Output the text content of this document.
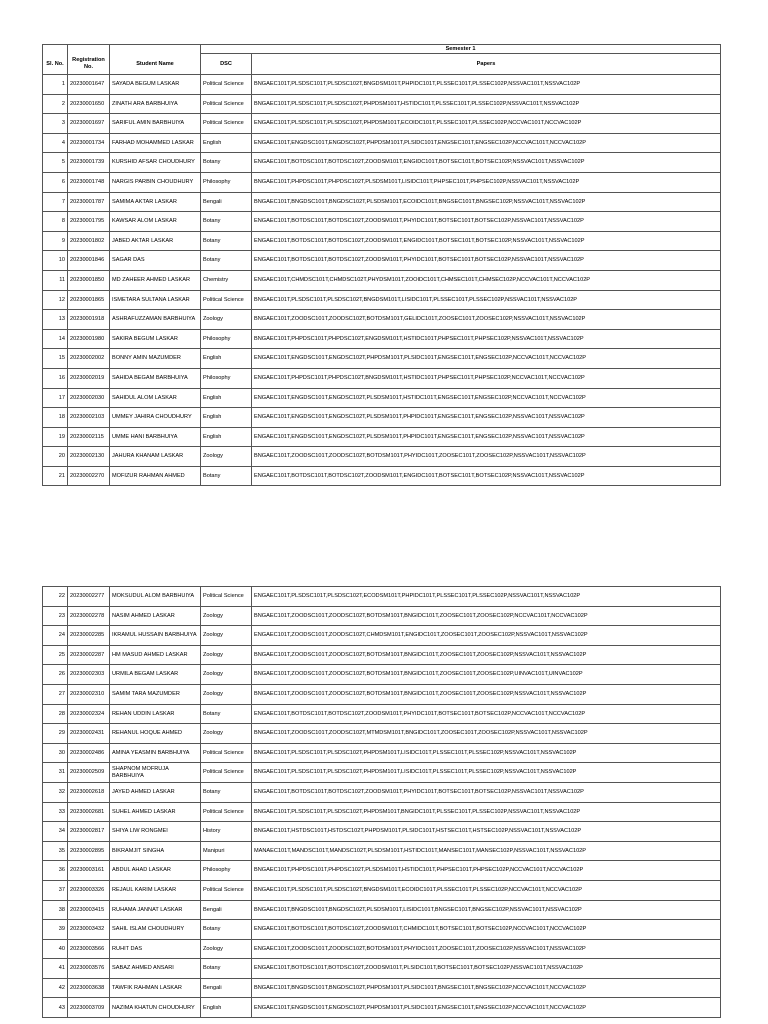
			Semester 1	
Sl. No.	Registration No.	Student Name	DSC	Papers
1	20230001647	SAYADA BEGUM LASKAR	Political Science	BNGAEC101T,PLSDSC101T,PLSDSC102T,BNGDSM101T,PHPIDC101T,PLSSEC101T,PLSSEC102P,NSSVAC101T,NSSVAC102P
2	20230001650	ZINATH ARA BARBHUIYA	Political Science	BNGAEC101T,PLSDSC101T,PLSDSC102T,PHPDSM101T,HSTIDC101T,PLSSEC101T,PLSSEC102P,NSSVAC101T,NSSVAC102P
3	20230001697	SARIFUL AMIN BARBHUIYA	Political Science	ENGAEC101T,PLSDSC101T,PLSDSC102T,PHPDSM101T,ECOIDC101T,PLSSEC101T,PLSSEC102P,NCCVAC101T,NCCVAC102P
4	20230001734	FARHAD MOHAMMED LASKAR	English	ENGAEC101T,ENGDSC101T,ENGDSC102T,PHPDSM101T,PLSIDC101T,ENGSEC101T,ENGSEC102P,NCCVAC101T,NCCVAC102P
5	20230001739	KURSHID AFSAR CHOUDHURY	Botany	ENGAEC101T,BOTDSC101T,BOTDSC102T,ZOODSM101T,ENGIDC101T,BOTSEC101T,BOTSEC102P,NSSVAC101T,NSSVAC102P
6	20230001748	NARGIS PARBIN CHOUDHURY	Philosophy	BNGAEC101T,PHPDSC101T,PHPDSC102T,PLSDSM101T,LISIDC101T,PHPSEC101T,PHPSEC102P,NSSVAC101T,NSSVAC102P
7	20230001787	SAMIMA AKTAR LASKAR	Bengali	BNGAEC101T,BNGDSC101T,BNGDSC102T,PLSDSM101T,ECOIDC101T,BNGSEC101T,BNGSEC102P,NSSVAC101T,NSSVAC102P
8	20230001795	KAWSAR ALOM LASKAR	Botany	ENGAEC101T,BOTDSC101T,BOTDSC102T,ZOODSM101T,PHYIDC101T,BOTSEC101T,BOTSEC102P,NSSVAC101T,NSSVAC102P
9	20230001802	JABED AKTAR LASKAR	Botany	ENGAEC101T,BOTDSC101T,BOTDSC102T,ZOODSM101T,ENGIDC101T,BOTSEC101T,BOTSEC102P,NSSVAC101T,NSSVAC102P
10	20230001846	SAGAR DAS	Botany	ENGAEC101T,BOTDSC101T,BOTDSC102T,ZOODSM101T,PHYIDC101T,BOTSEC101T,BOTSEC102P,NSSVAC101T,NSSVAC102P
11	20230001850	MD ZAHEER AHMED LASKAR	Chemistry	ENGAEC101T,CHMDSC101T,CHMDSC102T,PHYDSM101T,ZOOIDC101T,CHMSEC101T,CHMSEC102P,NCCVAC101T,NCCVAC102P
12	20230001865	ISMETARA SULTANA LASKAR	Political Science	BNGAEC101T,PLSDSC101T,PLSDSC102T,BNGDSM101T,LISIDC101T,PLSSEC101T,PLSSEC102P,NSSVAC101T,NSSVAC102P
13	20230001918	ASHRAFUZZAMAN BARBHUIYA	Zoology	BNGAEC101T,ZOODSC101T,ZOODSC102T,BOTDSM101T,GELIDC101T,ZOOSEC101T,ZOOSEC102P,NSSVAC101T,NSSVAC102P
14	20230001980	SAKIRA BEGUM LASKAR	Philosophy	BNGAEC101T,PHPDSC101T,PHPDSC102T,ENGDSM101T,HSTIDC101T,PHPSEC101T,PHPSEC102P,NSSVAC101T,NSSVAC102P
15	20230002002	BONNY AMIN MAZUMDER	English	ENGAEC101T,ENGDSC101T,ENGDSC102T,PHPDSM101T,PLSIDC101T,ENGSEC101T,ENGSEC102P,NCCVAC101T,NCCVAC102P
16	20230002019	SAHIDA BEGAM BARBHUIYA	Philosophy	ENGAEC101T,PHPDSC101T,PHPDSC102T,BNGDSM101T,HSTIDC101T,PHPSEC101T,PHPSEC102P,NCCVAC101T,NCCVAC102P
17	20230002030	SAHIDUL ALOM LASKAR	English	ENGAEC101T,ENGDSC101T,ENGDSC102T,PLSDSM101T,HSTIDC101T,ENGSEC101T,ENGSEC102P,NCCVAC101T,NCCVAC102P
18	20230002103	UMMEY JAHIRA CHOUDHURY	English	ENGAEC101T,ENGDSC101T,ENGDSC102T,PLSDSM101T,PHPIDC101T,ENGSEC101T,ENGSEC102P,NSSVAC101T,NSSVAC102P
19	20230002115	UMME HANI BARBHUIYA	English	ENGAEC101T,ENGDSC101T,ENGDSC102T,PLSDSM101T,PHPIDC101T,ENGSEC101T,ENGSEC102P,NSSVAC101T,NSSVAC102P
20	20230002130	JAHURA KHANAM LASKAR	Zoology	BNGAEC101T,ZOODSC101T,ZOODSC102T,BOTDSM101T,PHYIDC101T,ZOOSEC101T,ZOOSEC102P,NSSVAC101T,NSSVAC102P
21	20230002270	MOFIZUR RAHMAN AHMED	Botany	ENGAEC101T,BOTDSC101T,BOTDSC102T,ZOODSM101T,ENGIDC101T,BOTSEC101T,BOTSEC102P,NSSVAC101T,NSSVAC102P
22	20230002277	MOKSUDUL ALOM BARBHUIYA	Political Science	ENGAEC101T,PLSDSC101T,PLSDSC102T,ECODSM101T,PHPIDC101T,PLSSEC101T,PLSSEC102P,NSSVAC101T,NSSVAC102P
23	20230002278	NASIM AHMED LASKAR	Zoology	BNGAEC101T,ZOODSC101T,ZOODSC102T,BOTDSM101T,BNGIDC101T,ZOOSEC101T,ZOOSEC102P,NCCVAC101T,NCCVAC102P
24	20230002285	IKRAMUL HUSSAIN BARBHUIYA	Zoology	ENGAEC101T,ZOODSC101T,ZOODSC102T,CHMDSM101T,ENGIDC101T,ZOOSEC101T,ZOOSEC102P,NSSVAC101T,NSSVAC102P
25	20230002287	HM MASUD AHMED LASKAR	Zoology	BNGAEC101T,ZOODSC101T,ZOODSC102T,BOTDSM101T,BNGIDC101T,ZOOSEC101T,ZOOSEC102P,NSSVAC101T,NSSVAC102P
26	20230002303	URMILA BEGAM LASKAR	Zoology	BNGAEC101T,ZOODSC101T,ZOODSC102T,BOTDSM101T,BNGIDC101T,ZOOSEC101T,ZOOSEC102P,UINVAC101T,UINVAC102P
27	20230002310	SAMIM TARA MAZUMDER	Zoology	BNGAEC101T,ZOODSC101T,ZOODSC102T,BOTDSM101T,BNGIDC101T,ZOOSEC101T,ZOOSEC102P,NSSVAC101T,NSSVAC102P
28	20230002324	REHAN UDDIN LASKAR	Botany	ENGAEC101T,BOTDSC101T,BOTDSC102T,ZOODSM101T,PHYIDC101T,BOTSEC101T,BOTSEC102P,NCCVAC101T,NCCVAC102P
29	20230002431	REHANUL HOQUE AHMED	Zoology	BNGAEC101T,ZOODSC101T,ZOODSC102T,MTMDSM101T,BNGIDC101T,ZOOSEC101T,ZOOSEC102P,NSSVAC101T,NSSVAC102P
30	20230002486	AMINA YEASMIN BARBHUIYA	Political Science	BNGAEC101T,PLSDSC101T,PLSDSC102T,PHPDSM101T,LISIDC101T,PLSSEC101T,PLSSEC102P,NSSVAC101T,NSSVAC102P
31	20230002509	SHAPNOM MOFRUJA BARBHUIYA	Political Science	BNGAEC101T,PLSDSC101T,PLSDSC102T,PHPDSM101T,LISIDC101T,PLSSEC101T,PLSSEC102P,NSSVAC101T,NSSVAC102P
32	20230002618	JAYED AHMED LASKAR	Botany	ENGAEC101T,BOTDSC101T,BOTDSC102T,ZOODSM101T,PHYIDC101T,BOTSEC101T,BOTSEC102P,NSSVAC101T,NSSVAC102P
33	20230002681	SUHEL AHMED LASKAR	Political Science	BNGAEC101T,PLSDSC101T,PLSDSC102T,PHPDSM101T,BNGIDC101T,PLSSEC101T,PLSSEC102P,NSSVAC101T,NSSVAC102P
34	20230002817	SHIYA LIW RONGMEI	History	BNGAEC101T,HSTDSC101T,HSTDSC102T,PHPDSM101T,PLSIDC101T,HSTSEC101T,HSTSEC102P,NSSVAC101T,NSSVAC102P
35	20230002895	BIKRAMJIT SINGHA	Manipuri	MANAEC101T,MANDSC101T,MANDSC102T,PLSDSM101T,HSTIDC101T,MANSEC101T,MANSEC102P,NSSVAC101T,NSSVAC102P
36	20230003161	ABDUL AHAD LASKAR	Philosophy	BNGAEC101T,PHPDSC101T,PHPDSC102T,PLSDSM101T,HSTIDC101T,PHPSEC101T,PHPSEC102P,NCCVAC101T,NCCVAC102P
37	20230003326	REJAUL KARIM LASKAR	Political Science	BNGAEC101T,PLSDSC101T,PLSDSC102T,BNGDSM101T,ECOIDC101T,PLSSEC101T,PLSSEC102P,NCCVAC101T,NCCVAC102P
38	20230003415	RUHAMA JANNAT LASKAR	Bengali	BNGAEC101T,BNGDSC101T,BNGDSC102T,PLSDSM101T,LISIDC101T,BNGSEC101T,BNGSEC102P,NSSVAC101T,NSSVAC102P
39	20230003432	SAHIL ISLAM CHOUDHURY	Botany	ENGAEC101T,BOTDSC101T,BOTDSC102T,ZOODSM101T,CHMIDC101T,BOTSEC101T,BOTSEC102P,NCCVAC101T,NCCVAC102P
40	20230003566	RUHIT DAS	Zoology	ENGAEC101T,ZOODSC101T,ZOODSC102T,BOTDSM101T,PHYIDC101T,ZOOSEC101T,ZOOSEC102P,NSSVAC101T,NSSVAC102P
41	20230003576	SABAZ AHMED ANSARI	Botany	ENGAEC101T,BOTDSC101T,BOTDSC102T,ZOODSM101T,PLSIDC101T,BOTSEC101T,BOTSEC102P,NSSVAC101T,NSSVAC102P
42	20230003638	TAWFIK RAHMAN LASKAR	Bengali	BNGAEC101T,BNGDSC101T,BNGDSC102T,PHPDSM101T,PLSIDC101T,BNGSEC101T,BNGSEC102P,NCCVAC101T,NCCVAC102P
43	20230003709	NAZIMA KHATUN CHOUDHURY	English	ENGAEC101T,ENGDSC101T,ENGDSC102T,PHPDSM101T,PLSIDC101T,ENGSEC101T,ENGSEC102P,NCCVAC101T,NCCVAC102P
